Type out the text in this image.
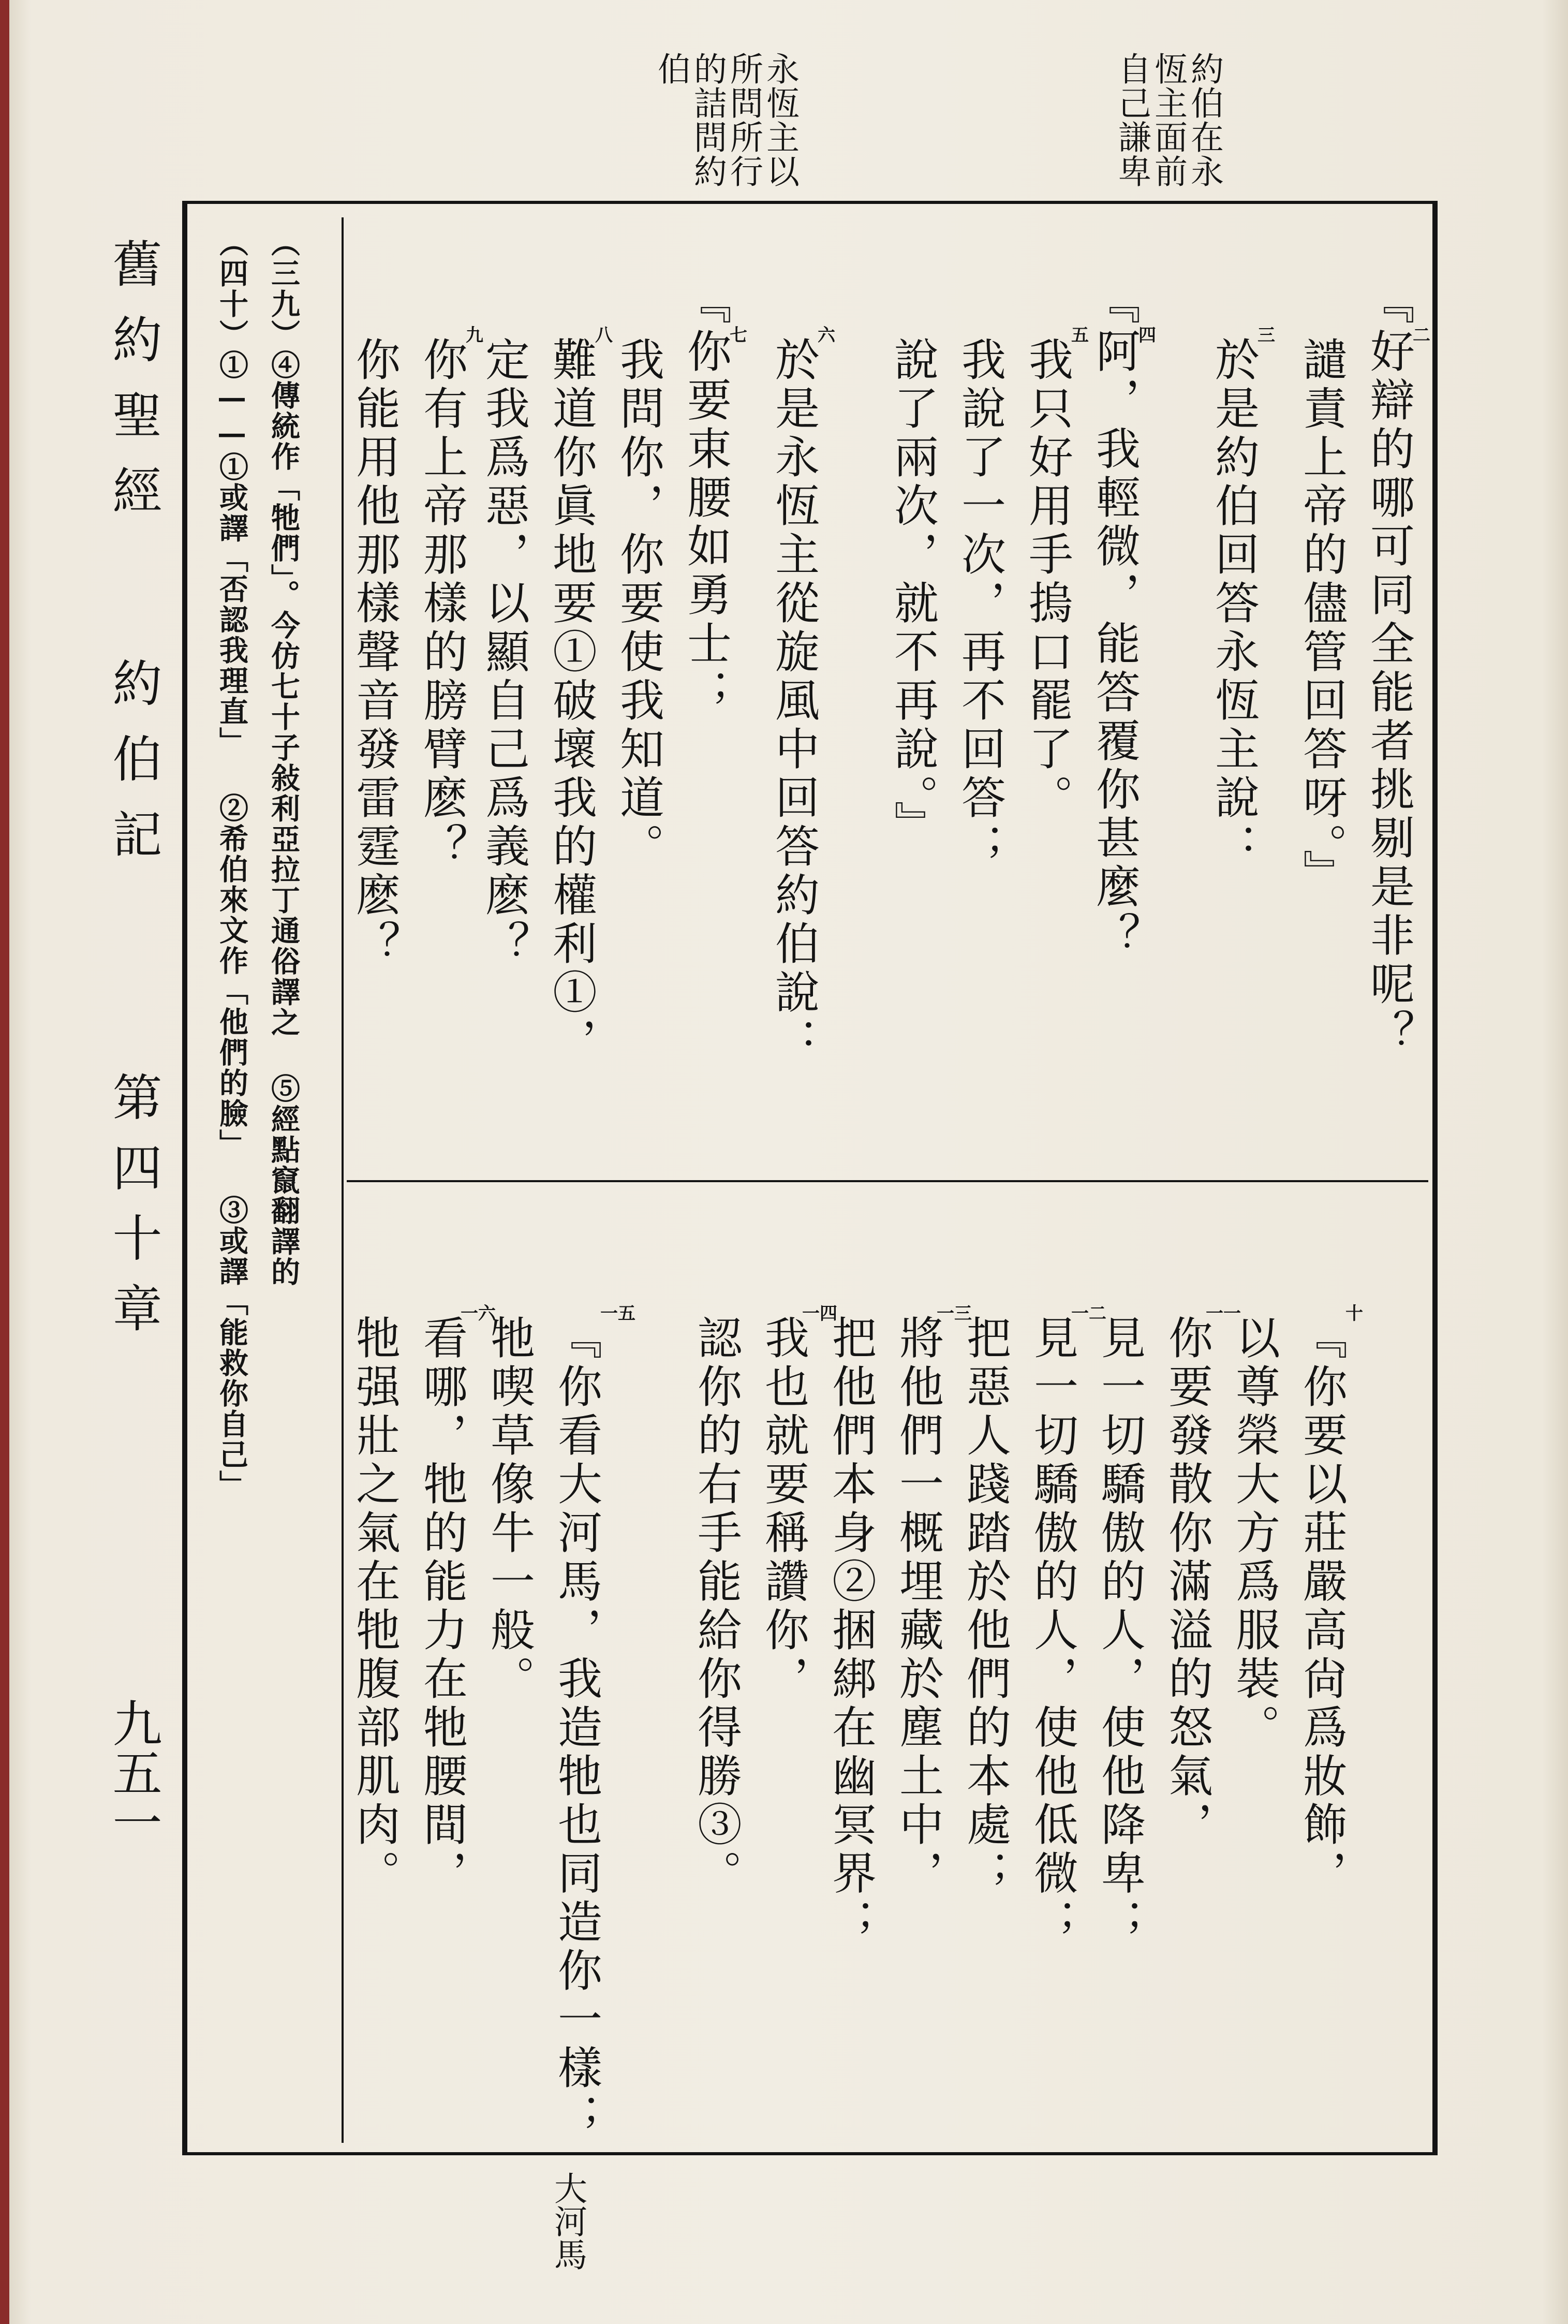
約伯在永
恆主面前
自己謙卑
永恆主以
所問所行
的詰問約
伯
舊約聖經
約伯記
第四十章
九五一
『好辯的哪可同全能者挑剔是非呢？
譴責上帝的儘管回答呀。』
於是約伯回答永恆主說：
『阿，我輕微，能答覆你甚麼？
我只好用手摀口罷了。
我說了一次，再不回答；
說了兩次，就不再說。』
於是永恆主從旋風中回答約伯說：
『你要束腰如勇士；
我問你，你要使我知道。
難道你眞地要①破壞我的權利①，
定我爲惡，以顯自己爲義麽？
你有上帝那樣的膀臂麽？
你能用他那樣聲音發雷霆麽？
二
三
四
五
六
七
八
九
『你要以莊嚴高尙爲妝飾，
以尊榮大方爲服裝。
你要發散你滿溢的怒氣，
見一切驕傲的人，使他降卑；
見一切驕傲的人，使他低微；
把惡人踐踏於他們的本處；
將他們一概埋藏於塵土中，
把他們本身②捆綁在幽冥界；
我也就要稱讚你，
認你的右手能給你得勝③。
『你看大河馬，我造牠也同造你一樣；
牠喫草像牛一般。
看哪，牠的能力在牠腰間，
牠强壯之氣在牠腹部肌肉。
十
一一
一二
一三
一四
一五
一六
（三九）④傳統作「牠們」。今仿七十子敍利亞拉丁通俗譯之 ⑤經點竄翻譯的
（四十）①——①或譯「否認我理直」 ②希伯來文作「他們的臉」 ③或譯「能救你自己」
大河馬
